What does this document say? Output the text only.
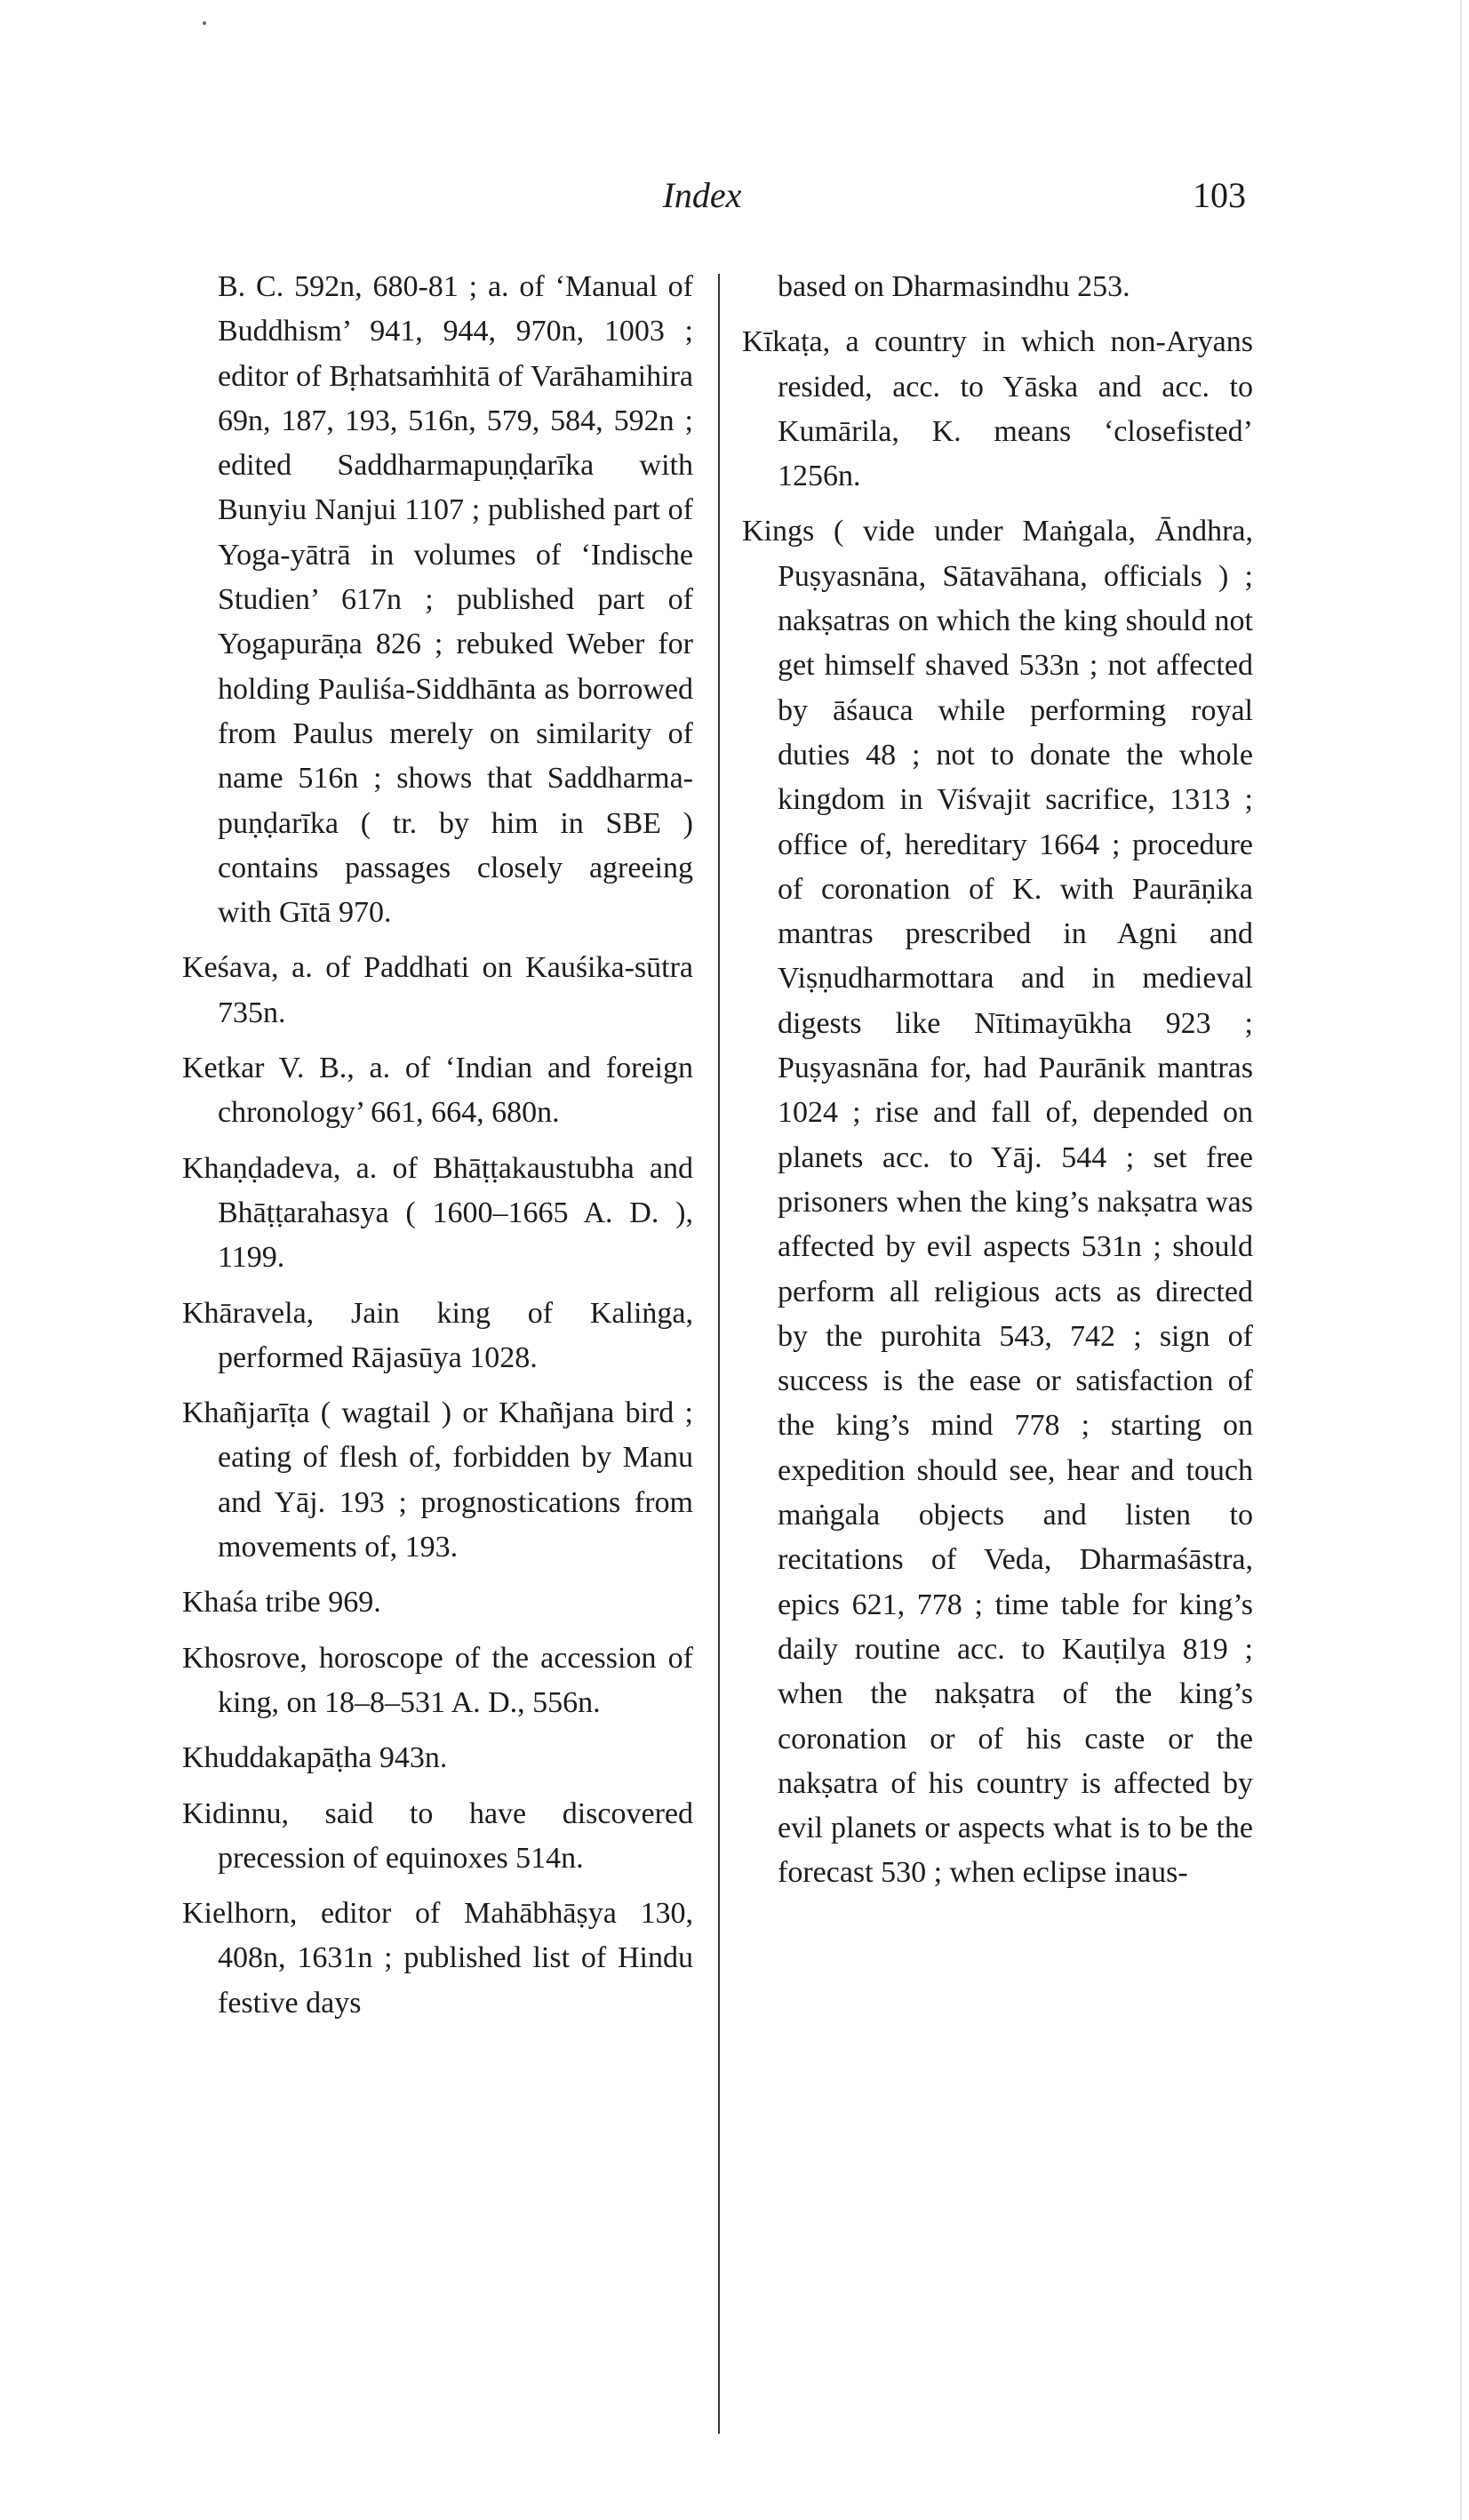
Index	103

B. C. 592n, 680-81 ; a. of ‘Manual of Buddhism’ 941, 944, 970n, 1003 ; editor of Bṛhatsaṁhitā of Varāhamihira 69n, 187, 193, 516n, 579, 584, 592n ; edited Saddharmapuṇḍarīka with Bunyiu Nanjui 1107 ; published part of Yoga-yātrā in volumes of ‘Indische Studien’ 617n ; published part of Yogapurāṇa 826 ; rebuked Weber for holding Pauliśa-Siddhānta as borrowed from Paulus merely on similarity of name 516n ; shows that Saddharma-puṇḍarīka ( tr. by him in SBE ) contains passages closely agreeing with Gītā 970.

Keśava, a. of Paddhati on Kauśika-sūtra 735n.

Ketkar V. B., a. of ‘Indian and foreign chronology’ 661, 664, 680n.

Khaṇḍadeva, a. of Bhāṭṭakaustubha and Bhāṭṭarahasya ( 1600–1665 A. D. ), 1199.

Khāravela, Jain king of Kaliṅga, performed Rājasūya 1028.

Khañjarīṭa ( wagtail ) or Khañjana bird ; eating of flesh of, forbidden by Manu and Yāj. 193 ; prognostications from movements of, 193.

Khaśa tribe 969.

Khosrove, horoscope of the accession of king, on 18–8–531 A. D., 556n.

Khuddakapāṭha 943n.

Kidinnu, said to have discovered precession of equinoxes 514n.

Kielhorn, editor of Mahābhāṣya 130, 408n, 1631n ; published list of Hindu festive days

based on Dharmasindhu 253.

Kīkaṭa, a country in which non-Aryans resided, acc. to Yāska and acc. to Kumārila, K. means ‘closefisted’ 1256n.

Kings ( vide under Maṅgala, Āndhra, Puṣyasnāna, Sātavāhana, officials ) ; nakṣatras on which the king should not get himself shaved 533n ; not affected by āśauca while performing royal duties 48 ; not to donate the whole kingdom in Viśvajit sacrifice, 1313 ; office of, hereditary 1664 ; procedure of coronation of K. with Paurāṇika mantras prescribed in Agni and Viṣṇudharmottara and in medieval digests like Nītimayūkha 923 ; Puṣyasnāna for, had Paurānik mantras 1024 ; rise and fall of, depended on planets acc. to Yāj. 544 ; set free prisoners when the king’s nakṣatra was affected by evil aspects 531n ; should perform all religious acts as directed by the purohita 543, 742 ; sign of success is the ease or satisfaction of the king’s mind 778 ; starting on expedition should see, hear and touch maṅgala objects and listen to recitations of Veda, Dharmaśāstra, epics 621, 778 ; time table for king’s daily routine acc. to Kauṭilya 819 ; when the nakṣatra of the king’s coronation or of his caste or the nakṣatra of his country is affected by evil planets or aspects what is to be the forecast 530 ; when eclipse inaus-
